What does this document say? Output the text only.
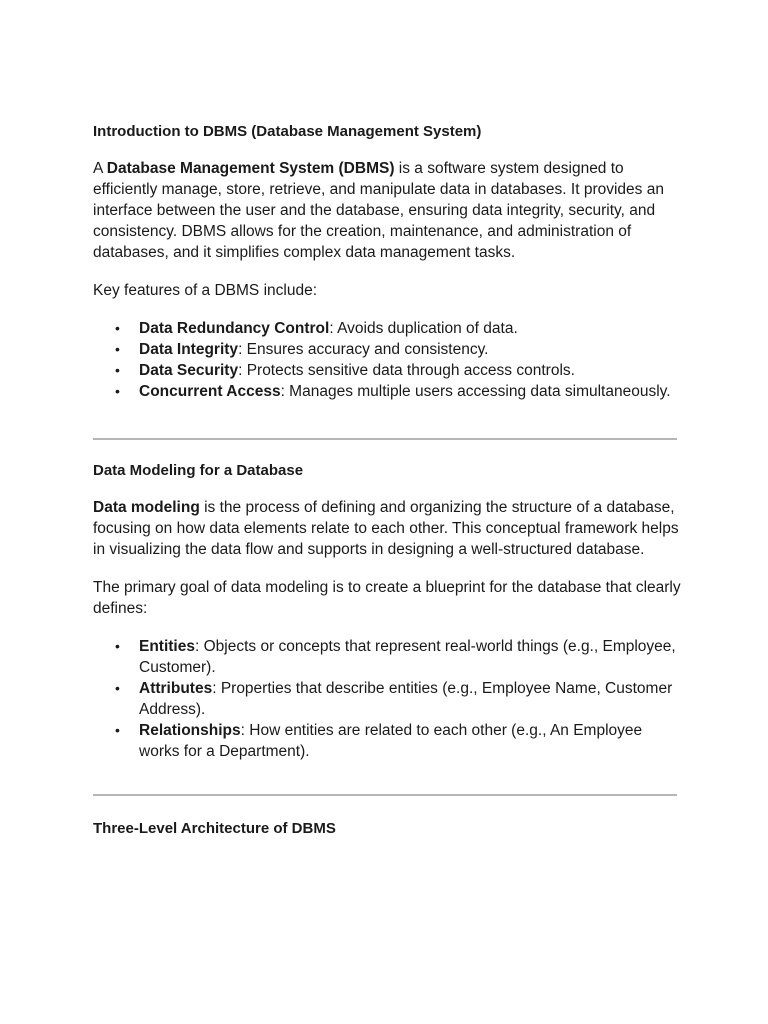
Introduction to DBMS (Database Management System)

A Database Management System (DBMS) is a software system designed to efficiently manage, store, retrieve, and manipulate data in databases. It provides an interface between the user and the database, ensuring data integrity, security, and consistency. DBMS allows for the creation, maintenance, and administration of databases, and it simplifies complex data management tasks.

Key features of a DBMS include:

• Data Redundancy Control: Avoids duplication of data.
• Data Integrity: Ensures accuracy and consistency.
• Data Security: Protects sensitive data through access controls.
• Concurrent Access: Manages multiple users accessing data simultaneously.
Data Modeling for a Database

Data modeling is the process of defining and organizing the structure of a database, focusing on how data elements relate to each other. This conceptual framework helps in visualizing the data flow and supports in designing a well-structured database.

The primary goal of data modeling is to create a blueprint for the database that clearly defines:

• Entities: Objects or concepts that represent real-world things (e.g., Employee, Customer).
• Attributes: Properties that describe entities (e.g., Employee Name, Customer Address).
• Relationships: How entities are related to each other (e.g., An Employee works for a Department).
Three-Level Architecture of DBMS
